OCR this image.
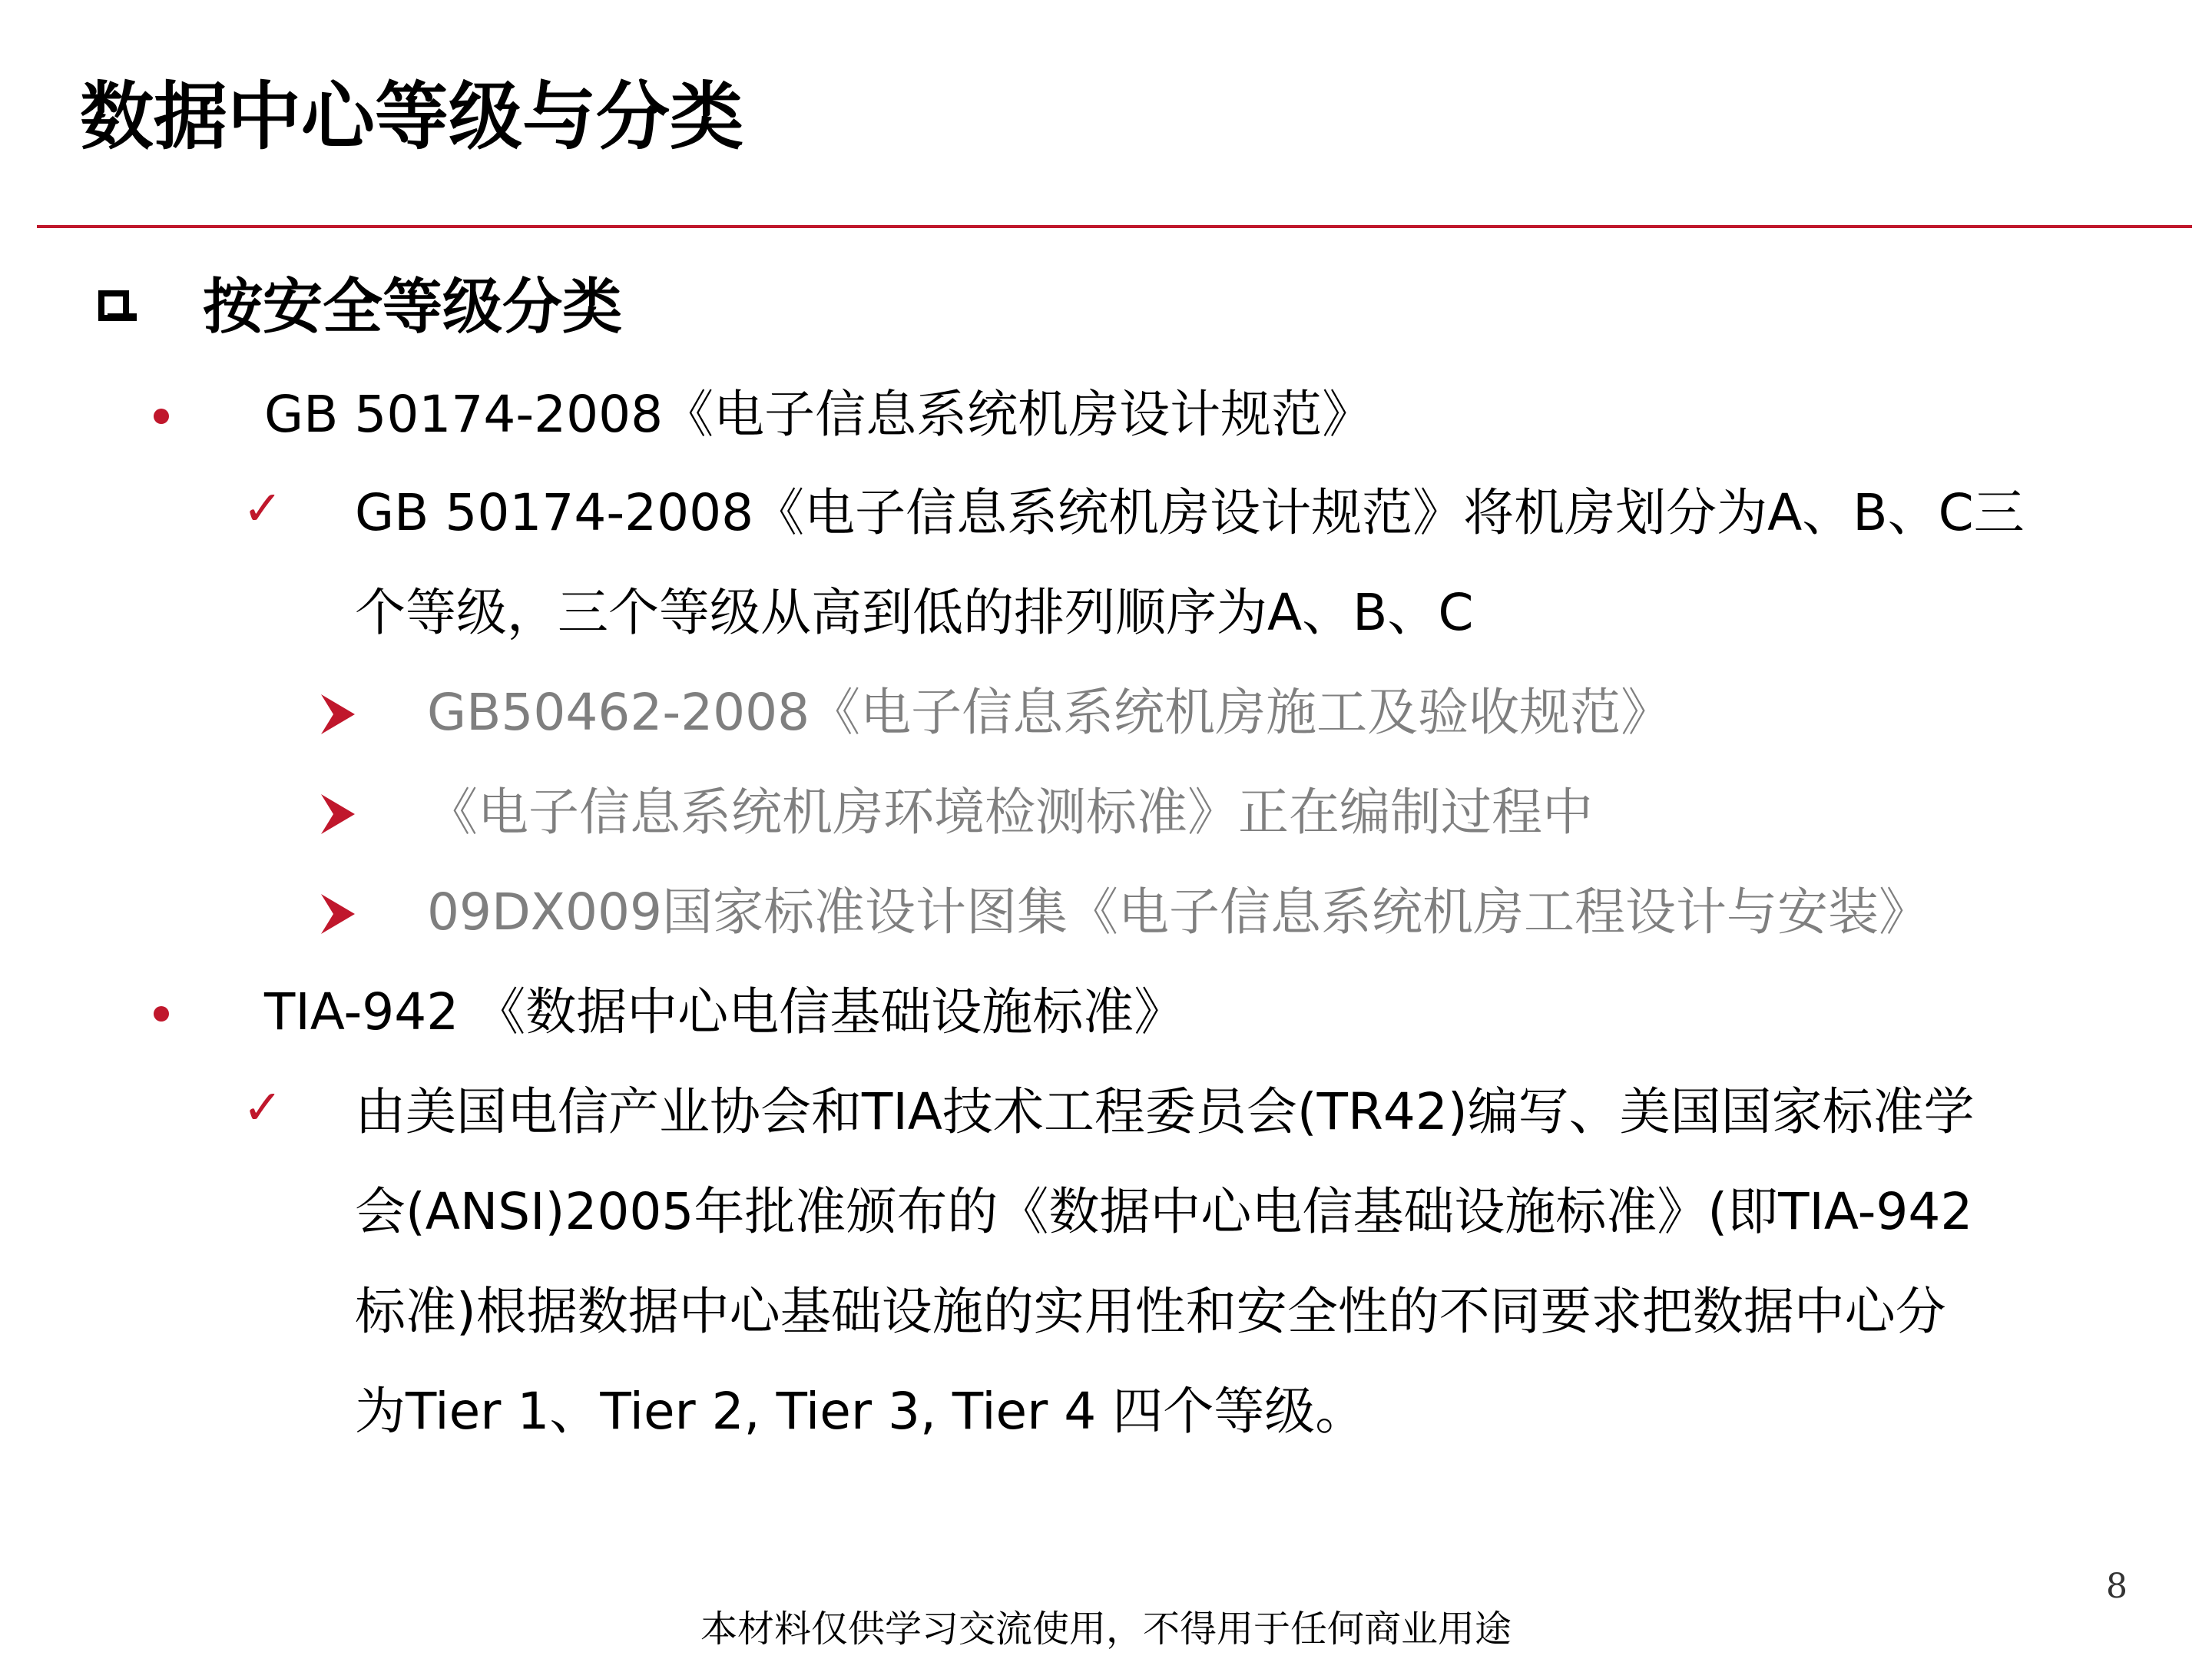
数据中心等级与分类
按安全等级分类
GB 50174-2008《电子信息系统机房设计规范》
✓ GB 50174-2008《电子信息系统机房设计规范》将机房划分为A、B、C三
个等级，三个等级从高到低的排列顺序为A、B、C
GB50462-2008《电子信息系统机房施工及验收规范》
《电子信息系统机房环境检测标准》正在编制过程中
09DX009国家标准设计图集《电子信息系统机房工程设计与安装》
TIA-942 《数据中心电信基础设施标准》
✓ 由美国电信产业协会和TIA技术工程委员会(TR42)编写、美国国家标准学
会(ANSI)2005年批准颁布的《数据中心电信基础设施标准》(即TIA-942
标准)根据数据中心基础设施的实用性和安全性的不同要求把数据中心分
为Tier 1、Tier 2, Tier 3, Tier 4 四个等级。
8
本材料仅供学习交流使用，不得用于任何商业用途
